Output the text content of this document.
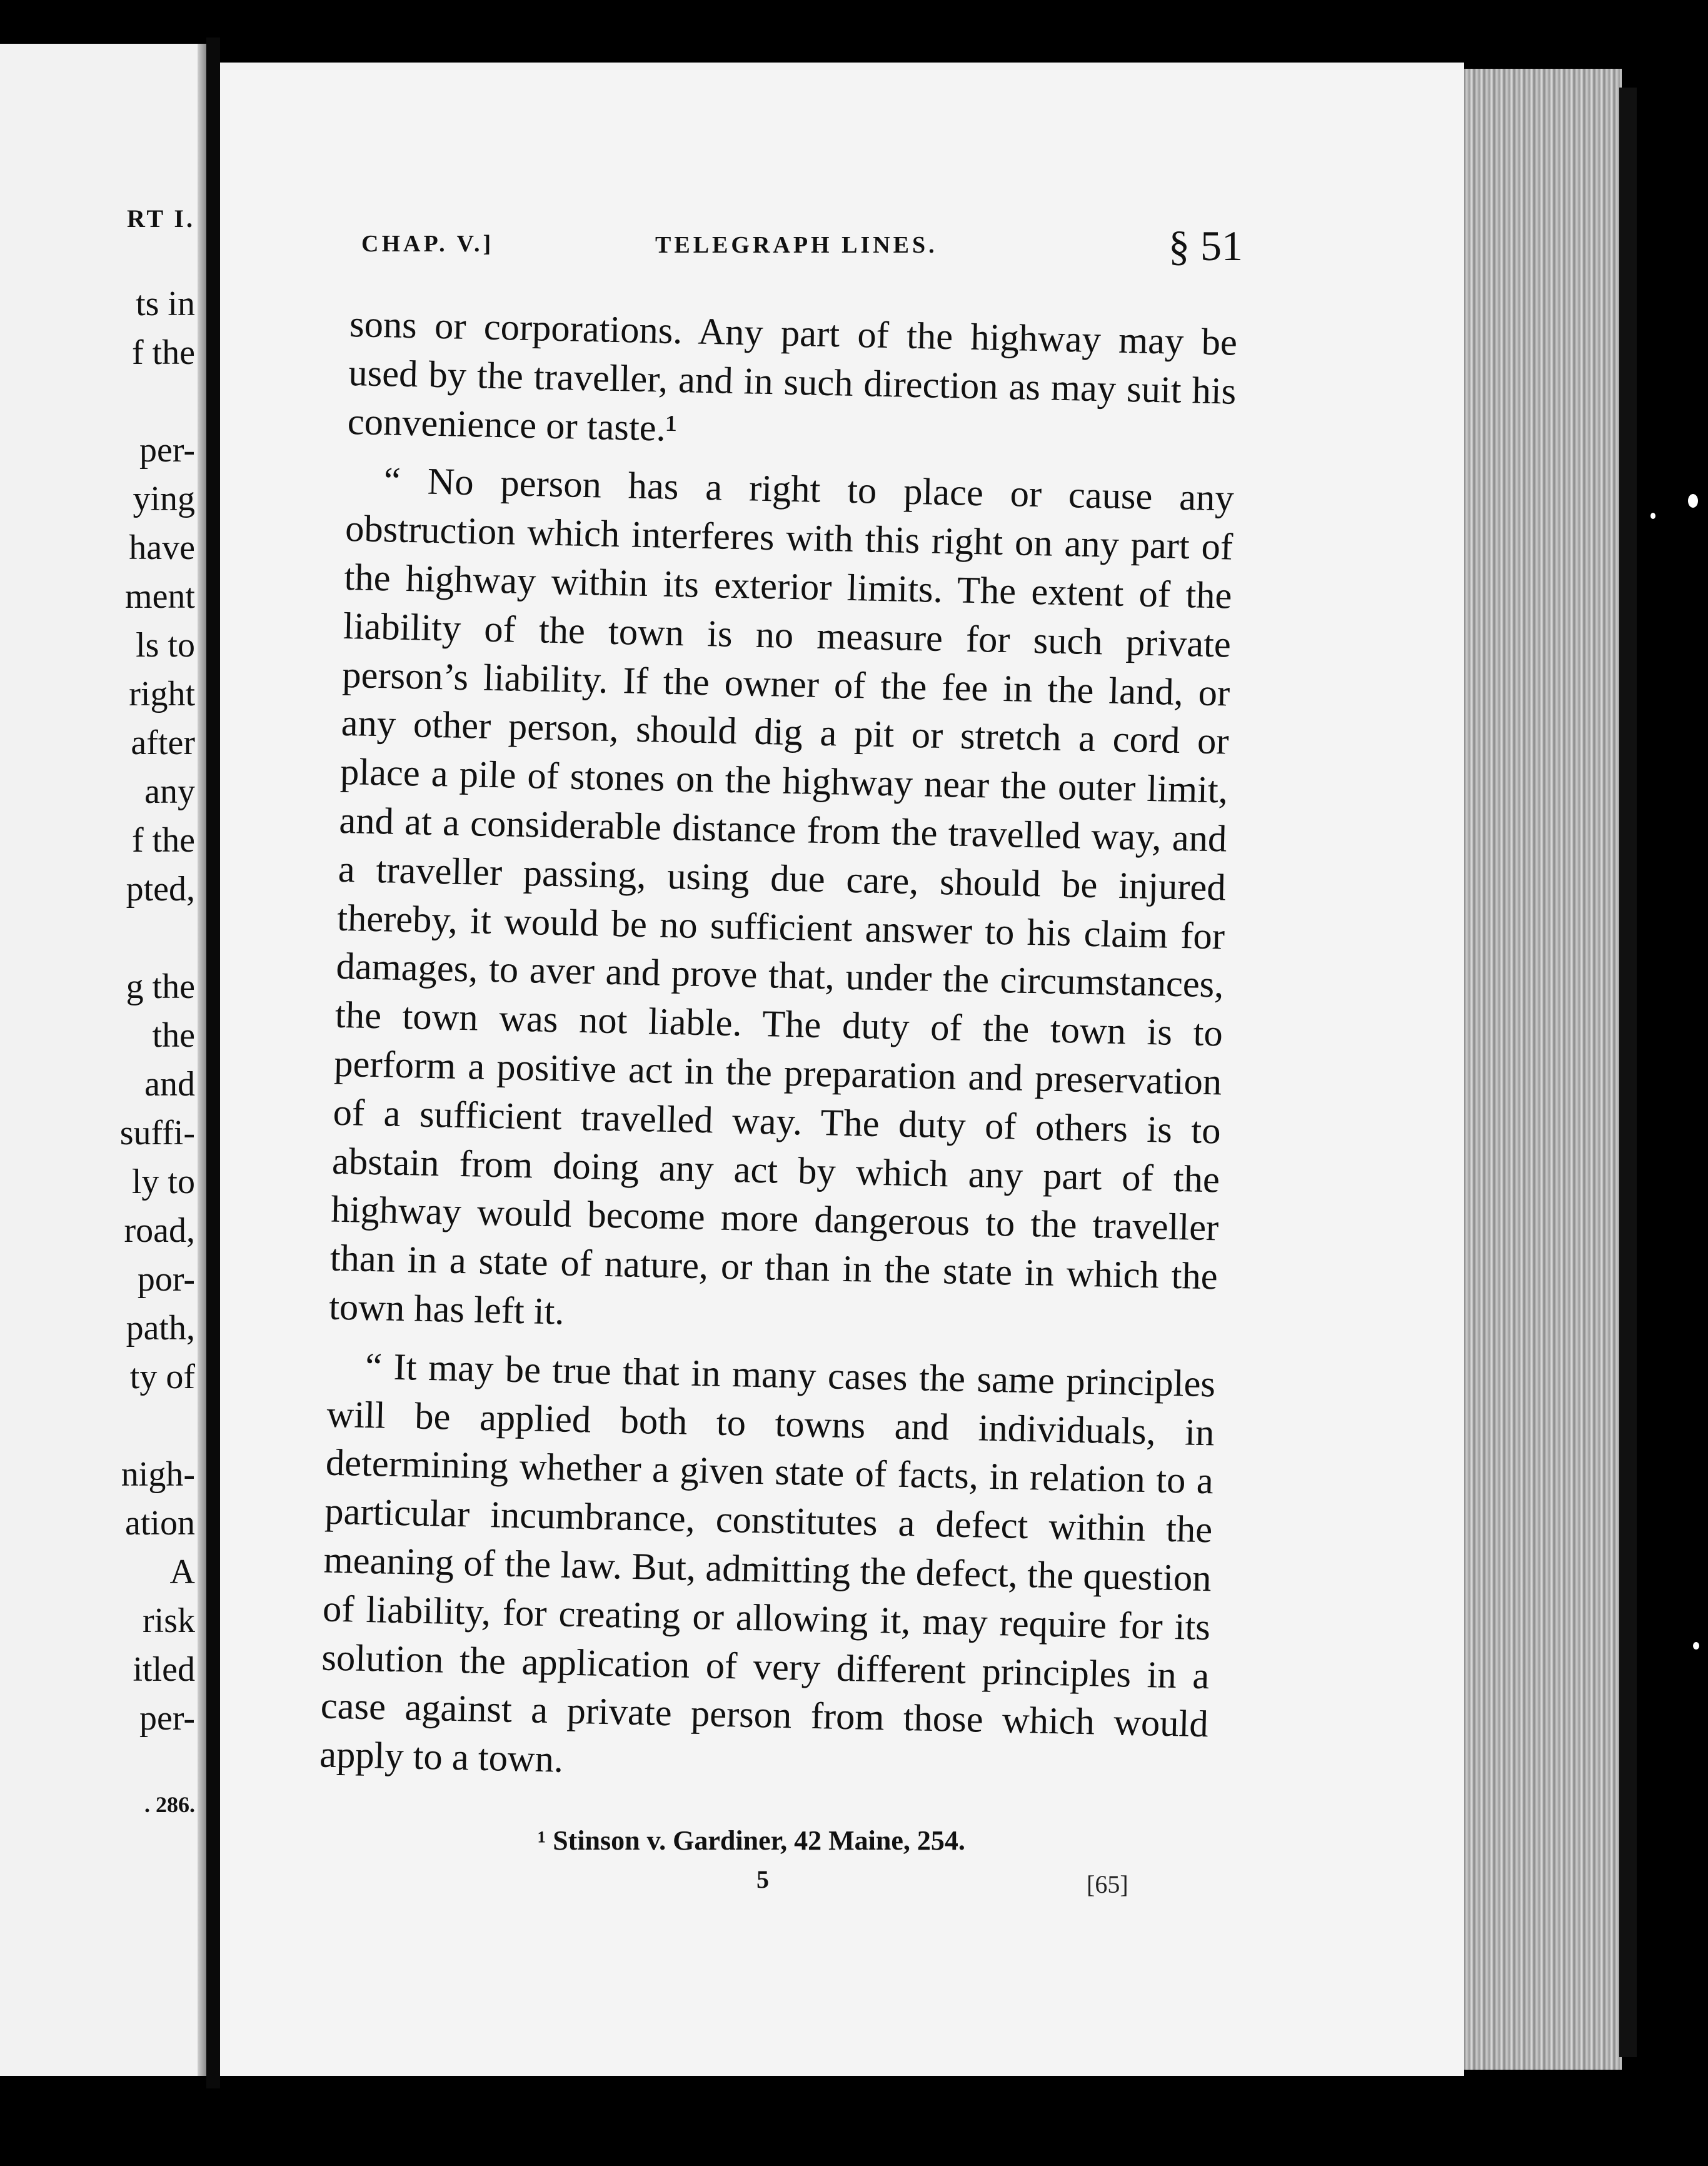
RT I.
ts in
f the
per-
ying
have
ment
ls to
right
after
any
f the
pted,
g the
the
and
suffi-
ly to
road,
por-
path,
ty of
nigh-
ation
A
risk
itled
per-
. 286.
CHAP. V.]	TELEGRAPH LINES.	§ 51

sons or corporations. Any part of the highway may be used by the traveller, and in such direction as may suit his convenience or taste.¹

“ No person has a right to place or cause any obstruction which interferes with this right on any part of the highway within its exterior limits. The extent of the liability of the town is no measure for such private person’s liability. If the owner of the fee in the land, or any other person, should dig a pit or stretch a cord or place a pile of stones on the highway near the outer limit, and at a considerable distance from the travelled way, and a traveller passing, using due care, should be injured thereby, it would be no sufficient answer to his claim for damages, to aver and prove that, under the circumstances, the town was not liable. The duty of the town is to perform a positive act in the preparation and preservation of a sufficient travelled way. The duty of others is to abstain from doing any act by which any part of the highway would become more dangerous to the traveller than in a state of nature, or than in the state in which the town has left it.

“ It may be true that in many cases the same principles will be applied both to towns and individuals, in determining whether a given state of facts, in relation to a particular incumbrance, constitutes a defect within the meaning of the law. But, admitting the defect, the question of liability, for creating or allowing it, may require for its solution the application of very different principles in a case against a private person from those which would apply to a town.

¹ Stinson v. Gardiner, 42 Maine, 254.
5	[65]
